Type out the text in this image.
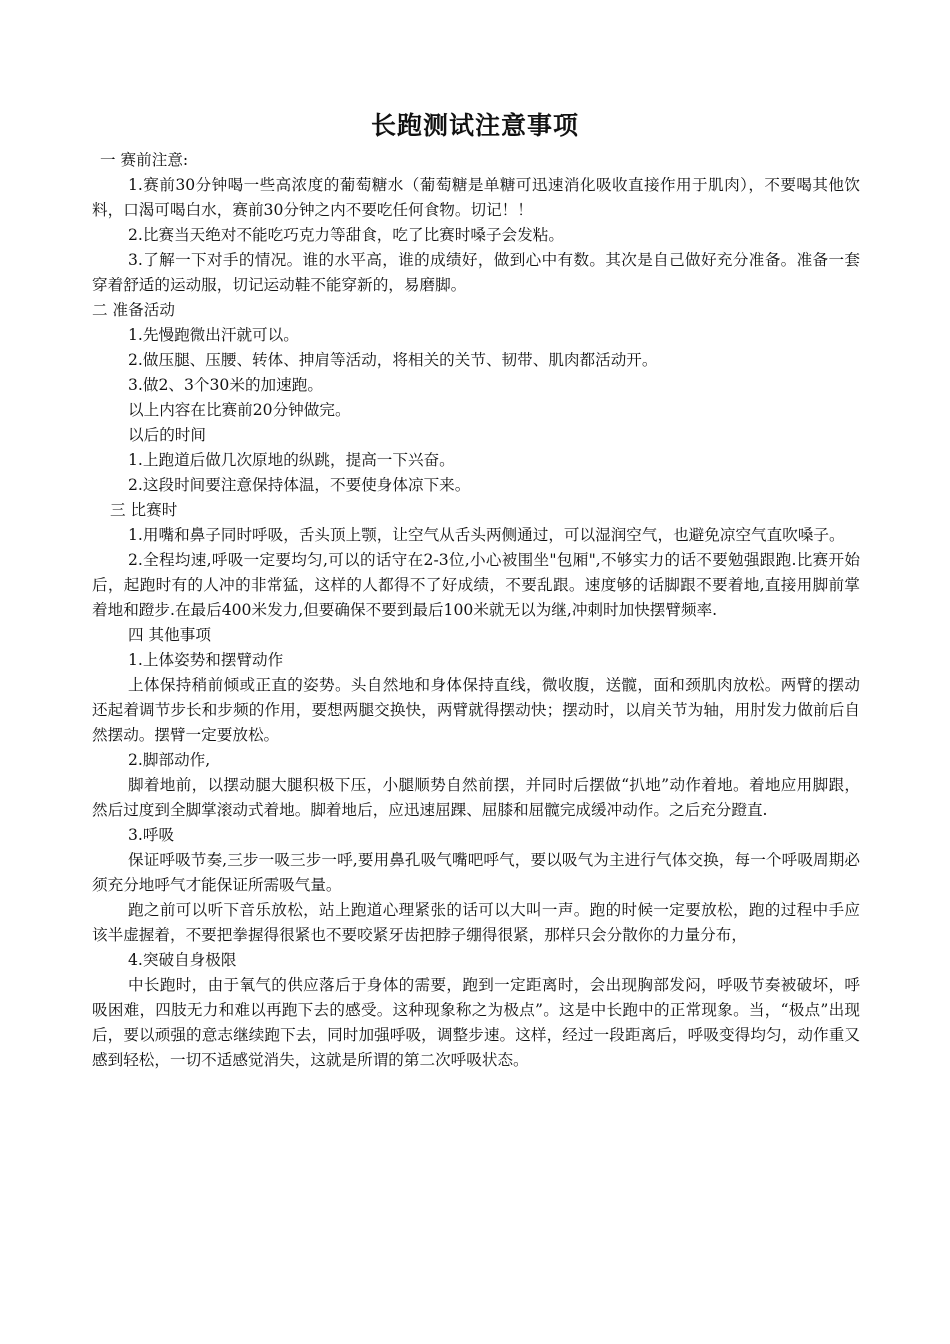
长跑测试注意事项

一 赛前注意:

1.赛前30分钟喝一些高浓度的葡萄糖水（葡萄糖是单糖可迅速消化吸收直接作用于肌肉），不要喝其他饮料，口渴可喝白水，赛前30分钟之内不要吃任何食物。切记！！

2.比赛当天绝对不能吃巧克力等甜食，吃了比赛时嗓子会发粘。

3.了解一下对手的情况。谁的水平高，谁的成绩好，做到心中有数。其次是自己做好充分准备。准备一套穿着舒适的运动服，切记运动鞋不能穿新的，易磨脚。

二 准备活动

1.先慢跑微出汗就可以。

2.做压腿、压腰、转体、抻肩等活动，将相关的关节、韧带、肌肉都活动开。

3.做2、3个30米的加速跑。

以上内容在比赛前20分钟做完。

以后的时间

1.上跑道后做几次原地的纵跳，提高一下兴奋。

2.这段时间要注意保持体温，不要使身体凉下来。

三 比赛时

1.用嘴和鼻子同时呼吸，舌头顶上颚，让空气从舌头两侧通过，可以湿润空气，也避免凉空气直吹嗓子。

2.全程均速,呼吸一定要均匀,可以的话守在2-3位,小心被围坐"包厢",不够实力的话不要勉强跟跑.比赛开始后，起跑时有的人冲的非常猛，这样的人都得不了好成绩，不要乱跟。速度够的话脚跟不要着地,直接用脚前掌着地和蹬步.在最后400米发力,但要确保不要到最后100米就无以为继,冲刺时加快摆臂频率.

四 其他事项

1.上体姿势和摆臂动作

上体保持稍前倾或正直的姿势。头自然地和身体保持直线，微收腹，送髋，面和颈肌肉放松。两臂的摆动还起着调节步长和步频的作用，要想两腿交换快，两臂就得摆动快；摆动时，以肩关节为轴，用肘发力做前后自然摆动。摆臂一定要放松。

2.脚部动作,

脚着地前，以摆动腿大腿积极下压，小腿顺势自然前摆，并同时后摆做“扒地”动作着地。着地应用脚跟，然后过度到全脚掌滚动式着地。脚着地后，应迅速屈踝、屈膝和屈髋完成缓冲动作。之后充分蹬直.

3.呼吸

保证呼吸节奏,三步一吸三步一呼,要用鼻孔吸气嘴吧呼气，要以吸气为主进行气体交换，每一个呼吸周期必须充分地呼气才能保证所需吸气量。

跑之前可以听下音乐放松，站上跑道心理紧张的话可以大叫一声。跑的时候一定要放松，跑的过程中手应该半虚握着，不要把拳握得很紧也不要咬紧牙齿把脖子绷得很紧，那样只会分散你的力量分布，

4.突破自身极限

中长跑时，由于氧气的供应落后于身体的需要，跑到一定距离时，会出现胸部发闷，呼吸节奏被破坏，呼吸困难，四肢无力和难以再跑下去的感受。这种现象称之为极点”。这是中长跑中的正常现象。当，“极点”出现后，要以顽强的意志继续跑下去，同时加强呼吸，调整步速。这样，经过一段距离后，呼吸变得均匀，动作重又感到轻松，一切不适感觉消失，这就是所谓的第二次呼吸状态。
